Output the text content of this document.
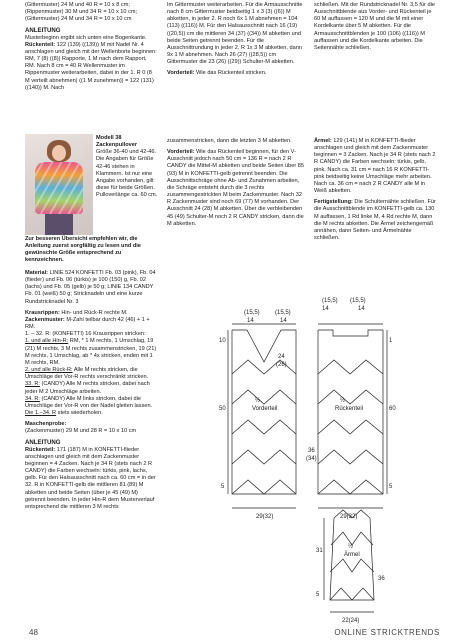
(Gittermuster) 24 M und 40 R = 10 x 8 cm;

(Rippenmuster) 30 M und 34 R = 10 x 10 cm;

(Gittermuster) 24 M und 34 R = 10 x 10 cm

ANLEITUNG

Musterbeginn ergibt sich unten eine Bogenkante.

Rückenteil: 122 (139) ((139)) M mit Nadel Nr. 4 anschlagen und gleich mit der Wellenborte beginnen: RM, 7 (8) ((8)) Rapporte, 1 M nach dem Rapport, RM. Nach 8 cm = 40 R Wellenmuster im Rippenmuster weiterarbeiten, dabei in der 1. R 0 (8 M verteilt abnehmen) ((1 M zunehmen)) = 122 (131) ((140)) M. Nach

Im Gittermuster weiterarbeiten. Für die Armausschnitte nach 8 cm Gittermuster beidseitig 1 x 3 (3) ((6)) M abketten, in jeder 2. R noch 6x 1 M abnehmen = 104 (113) ((116)) M. Für den Halsausschnitt nach 16 (19) ((20,5)) cm die mittleren 34 (37) ((34)) M abketten und beide Seiten getrennt beenden. Für die Ausschnittrundung in jeder 2. R 1x 3 M abketten, dann 9x 1 M abnehmen. Nach 26 (27) ((28,5)) cm Gittermuster die 23 (26) ((29)) Schulter-M abketten.

Vorderteil: Wie das Rückenteil stricken.

schließen. Mit der Rundstricknadel Nr. 3,5 für die Ausschnittblende aus Vorder- und Rückenteil je 60 M auffassen = 120 M und die M mit einer Kordelkante über 5 M abketten. Für die Armausschnittblenden je 100 (106) ((116)) M auffassen und die Kordelkante arbeiten. Die Seitennähte schließen.

Modell 38

Zackenpullover

Größe 36-40 und 42-46. Die Angaben für Größe 42-46 stehen in Klammern. Ist nur eine Angabe vorhanden, gilt diese für beide Größen. Pulloverlänge ca. 60 cm.

Zur besseren Übersicht empfehlen wir, die Anleitung zuerst sorgfältig zu lesen und die gewünschte Größe entsprechend zu kennzeichnen.

Material: LINIE 524 KONFETTI Fb. 03 (pink), Fb. 04 (flieder) und Fb. 06 (türkis) je 100 (150) g, Fb. 02 (lachs) und Fb. 05 (gelb) je 50 g; LINIE 134 CANDY Fb. 01 (weiß) 50 g; Stricknadeln und eine kurze Rundstricknadel Nr. 3

Krausrippen: Hin- und Rück-R rechte M.

Zackenmuster: M-Zahl teilbar durch 42 (46) + 1 + RM.

1. – 32. R: (KONFETTI) 16 Krausrippen stricken:

1. und alle Hin-R: RM, * 1 M rechts, 1 Umschlag, 19 (21) M rechts, 3 M rechts zusammenstricken, 19 (21) M rechts, 1 Umschlag, ab * 4x stricken, enden mit 1 M rechts, RM.

2. und alle Rück-R: Alle M rechts stricken, die Umschläge der Vor-R rechts verschränkt stricken.

33. R: (CANDY) Alle M rechts stricken, dabei nach jeder M 2 Umschläge arbeiten.

34. R: (CANDY) Alle M links stricken, dabei die Umschläge der Vor-R von der Nadel gleiten lassen.

Die 1.–34. R stets wiederholen.

Maschenprobe:

(Zackenmuster) 29 M und 28 R = 10 x 10 cm

ANLEITUNG

Rückenteil: 171 (187) M in KONFETTI-flieder anschlagen und gleich mit dem Zackenmuster beginnen = 4 Zacken. Nach je 34 R (stets nach 2 R CANDY) die Farben wechseln: türkis, pink, lachs, gelb. Für den Halsausschnitt nach ca. 60 cm = in der 32. R in KONFETTI-gelb die mittleren 81 (89) M abketten und beide Seiten (über je 45 (49) M) getrennt beenden. In jeder Hin-R dem Musterverlauf entsprechend die mittleren 3 M rechts

zusammenstricken, dann die letzten 3 M abketten.

Vorderteil: Wie das Rückenteil beginnen, für den V-Ausschnitt jedoch nach 50 cm = 136 R = nach 2 R CANDY die Mittel-M abketten und beide Seiten über 85 (93) M in KONFETTI-gelb getrennt beenden. Die Ausschnittschräge ohne Ab- und Zunahmen arbeiten, die Schräge entsteht durch die 3 rechts zusammengestrickten M beim Zackenmuster. Nach 32 R Zackenmuster sind noch 69 (77) M vorhanden. Der Ausschnitt 24 (28) M abketten. Über die verbleibenden 45 (49) Schulter-M noch 2 R CANDY stricken, dann die M abketten.

Ärmel: 129 (141) M in KONFETTI-flieder anschlagen und gleich mit dem Zackenmuster beginnen = 3 Zacken. Nach je 34 R (stets nach 2 R CANDY) die Farben wechseln: türkis, gelb, pink. Nach ca. 31 cm = nach 16 R KONFETTI-pink beidseitig keine Umschläge mehr arbeiten. Nach ca. 36 cm = nach 2 R CANDY alle M in Weiß abketten.

Fertigstellung: Die Schulternähte schließen. Für die Ausschnittblende im KONFETTI-gelb ca. 130 M auffassen, 1 Rd linke M, 4 Rd rechte M, dann die M rechts abketten. Die Ärmel zeichengemäß annähen, dann Seiten- und Ärmelnähte schließen.

(15,5)	(15,5)
14	14
10
50
5
24
(26)
½
Vorderteil
29(32)
(15,5) (15,5)
14	14
1
60
5
36
(34)
½
Rückenteil
29(32)
31
36
5
½
Ärmel
22(24)
48	ONLINE STRICKTRENDS
